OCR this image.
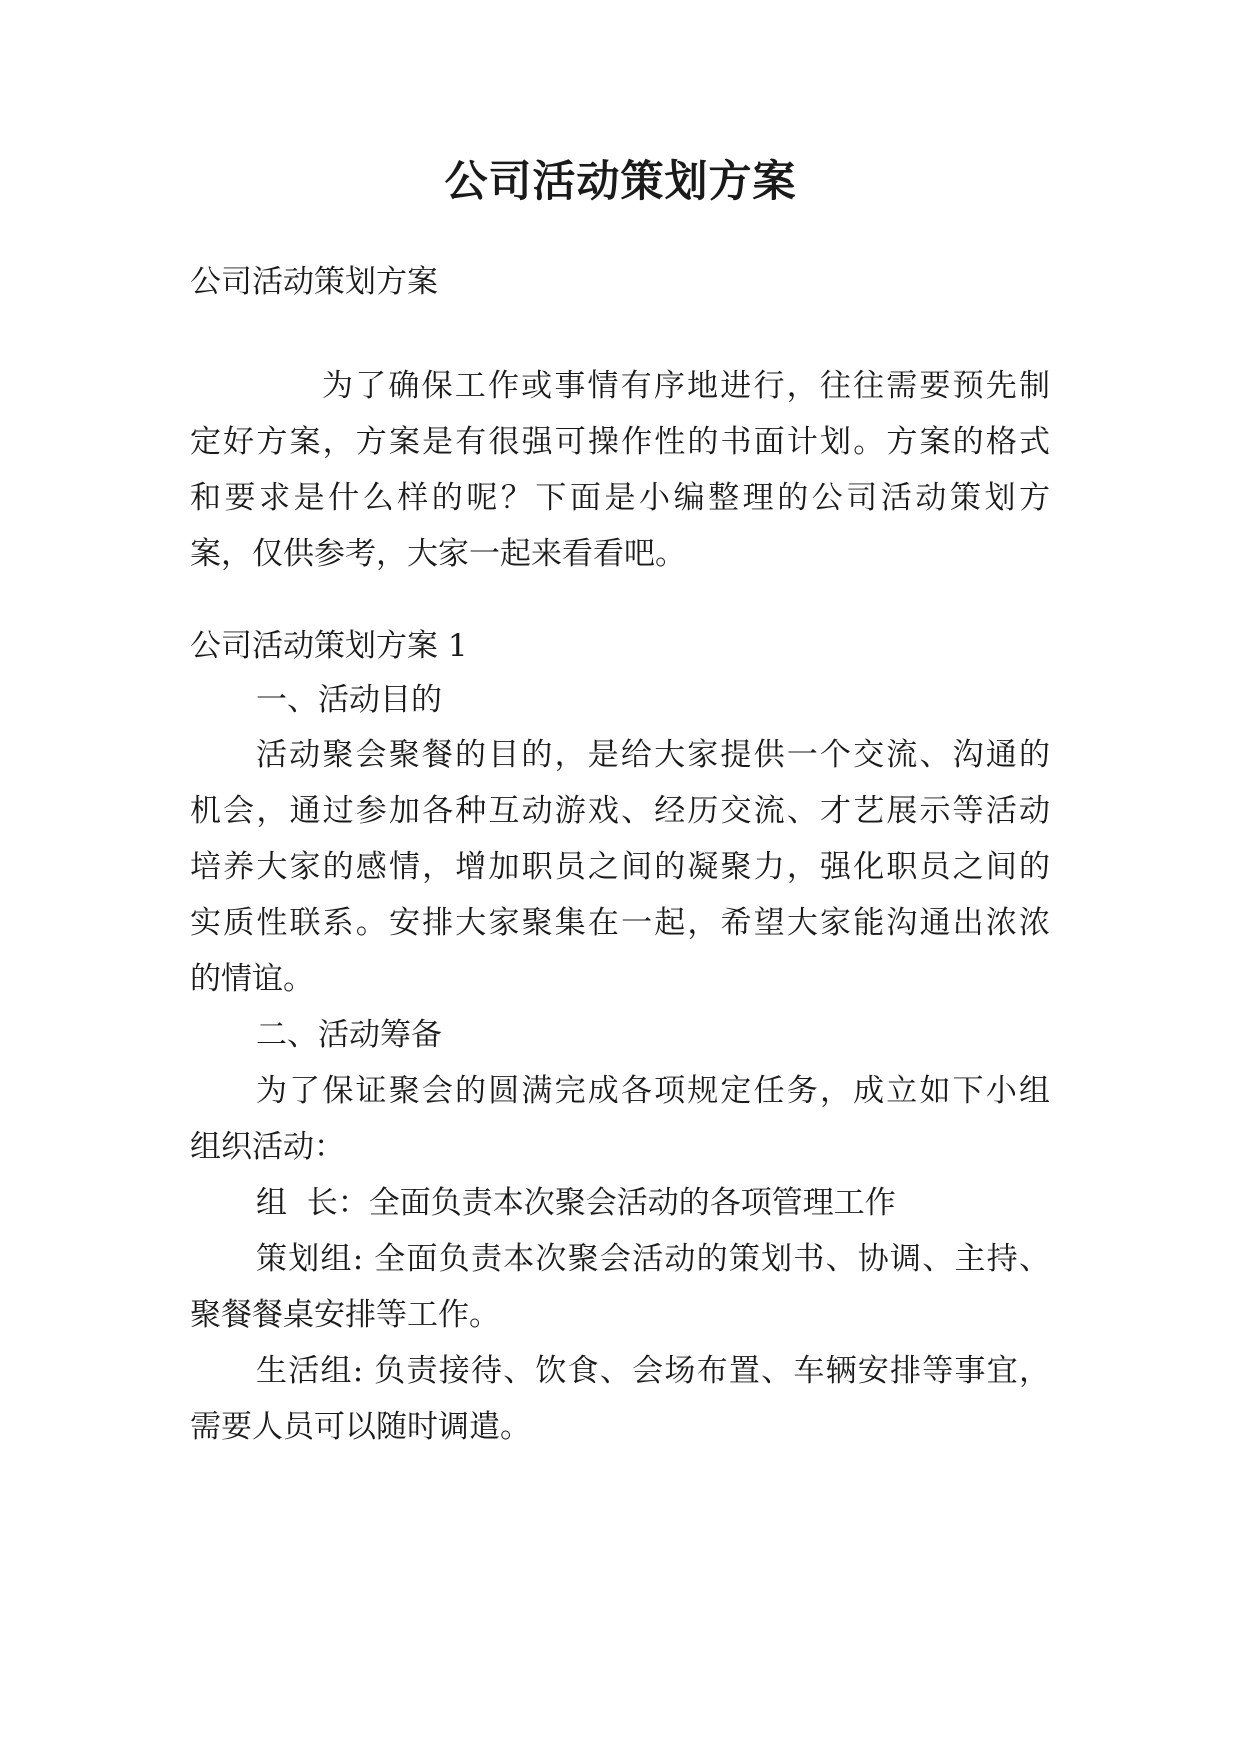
公司活动策划方案
公司活动策划方案
为了确保工作或事情有序地进行，往往需要预先制
定好方案，方案是有很强可操作性的书面计划。方案的格式
和要求是什么样的呢？下面是小编整理的公司活动策划方
案，仅供参考，大家一起来看看吧。
公司活动策划方案 1
一、活动目的
活动聚会聚餐的目的，是给大家提供一个交流、沟通的
机会，通过参加各种互动游戏、经历交流、才艺展示等活动
培养大家的感情，增加职员之间的凝聚力，强化职员之间的
实质性联系。安排大家聚集在一起，希望大家能沟通出浓浓
的情谊。
二、活动筹备
为了保证聚会的圆满完成各项规定任务，成立如下小组
组织活动：
组  长：全面负责本次聚会活动的各项管理工作
策划组: 全面负责本次聚会活动的策划书、协调、主持、
聚餐餐桌安排等工作。
生活组: 负责接待、饮食、会场布置、车辆安排等事宜，
需要人员可以随时调遣。
